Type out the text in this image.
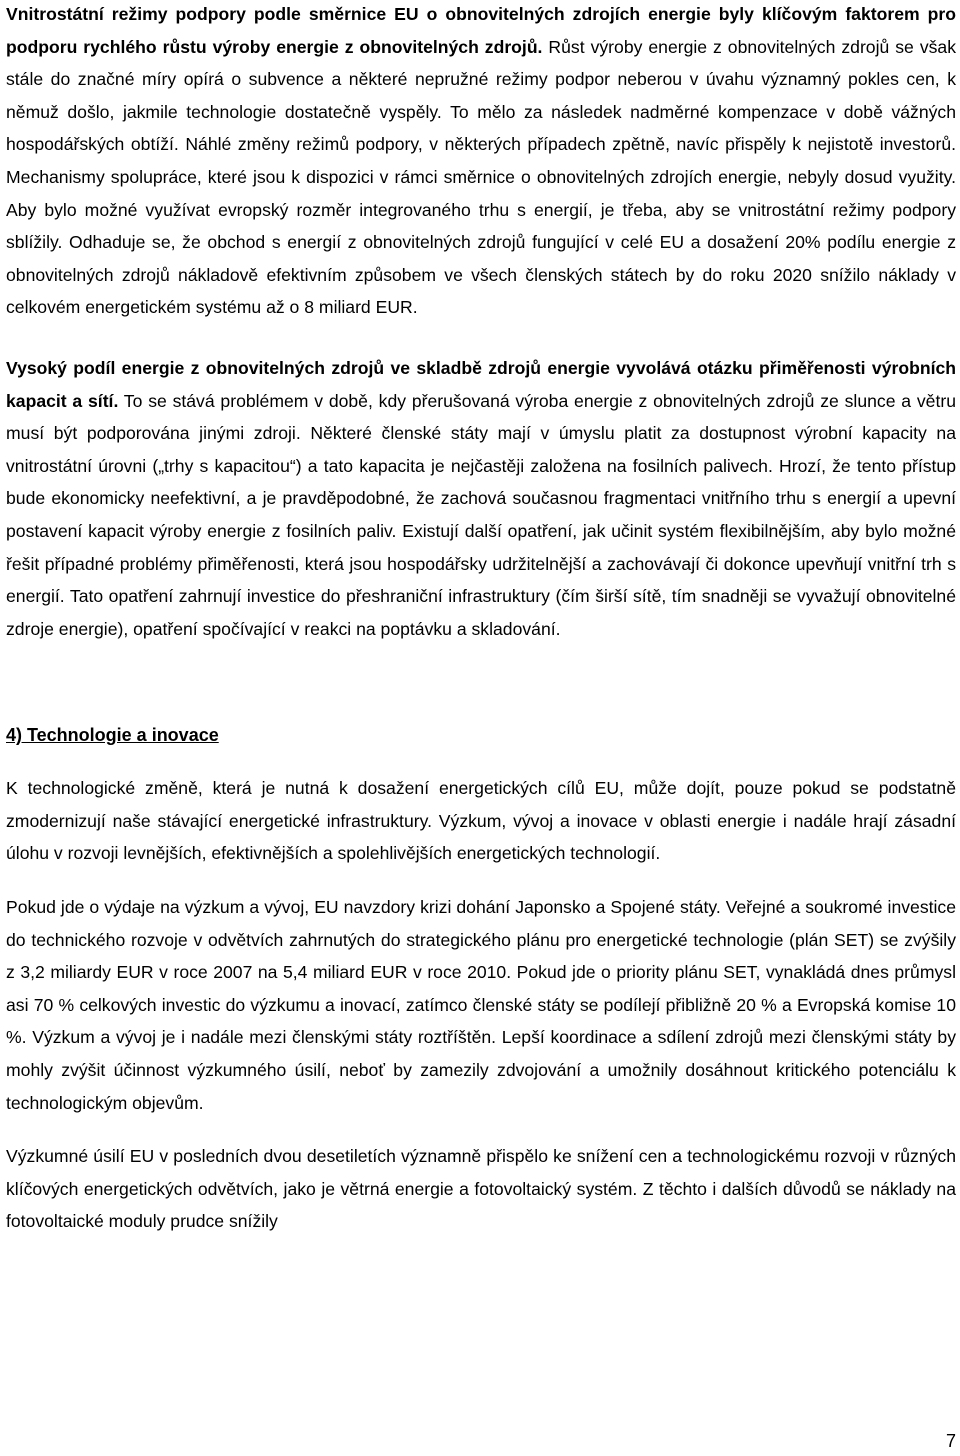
Vnitrostátní režimy podpory podle směrnice EU o obnovitelných zdrojích energie byly klíčovým faktorem pro podporu rychlého růstu výroby energie z obnovitelných zdrojů. Růst výroby energie z obnovitelných zdrojů se však stále do značné míry opírá o subvence a některé nepružné režimy podpor neberou v úvahu významný pokles cen, k němuž došlo, jakmile technologie dostatečně vyspěly. To mělo za následek nadměrné kompenzace v době vážných hospodářských obtíží. Náhlé změny režimů podpory, v některých případech zpětně, navíc přispěly k nejistotě investorů. Mechanismy spolupráce, které jsou k dispozici v rámci směrnice o obnovitelných zdrojích energie, nebyly dosud využity. Aby bylo možné využívat evropský rozměr integrovaného trhu s energií, je třeba, aby se vnitrostátní režimy podpory sblížily. Odhaduje se, že obchod s energií z obnovitelných zdrojů fungující v celé EU a dosažení 20% podílu energie z obnovitelných zdrojů nákladově efektivním způsobem ve všech členských státech by do roku 2020 snížilo náklady v celkovém energetickém systému až o 8 miliard EUR.

Vysoký podíl energie z obnovitelných zdrojů ve skladbě zdrojů energie vyvolává otázku přiměřenosti výrobních kapacit a sítí. To se stává problémem v době, kdy přerušovaná výroba energie z obnovitelných zdrojů ze slunce a větru musí být podporována jinými zdroji. Některé členské státy mají v úmyslu platit za dostupnost výrobní kapacity na vnitrostátní úrovni („trhy s kapacitou“) a tato kapacita je nejčastěji založena na fosilních palivech. Hrozí, že tento přístup bude ekonomicky neefektivní, a je pravděpodobné, že zachová současnou fragmentaci vnitřního trhu s energií a upevní postavení kapacit výroby energie z fosilních paliv. Existují další opatření, jak učinit systém flexibilnějším, aby bylo možné řešit případné problémy přiměřenosti, která jsou hospodářsky udržitelnější a zachovávají či dokonce upevňují vnitřní trh s energií. Tato opatření zahrnují investice do přeshraniční infrastruktury (čím širší sítě, tím snadněji se vyvažují obnovitelné zdroje energie), opatření spočívající v reakci na poptávku a skladování.

4) Technologie a inovace

K technologické změně, která je nutná k dosažení energetických cílů EU, může dojít, pouze pokud se podstatně zmodernizují naše stávající energetické infrastruktury. Výzkum, vývoj a inovace v oblasti energie i nadále hrají zásadní úlohu v rozvoji levnějších, efektivnějších a spolehlivějších energetických technologií.

Pokud jde o výdaje na výzkum a vývoj, EU navzdory krizi dohání Japonsko a Spojené státy. Veřejné a soukromé investice do technického rozvoje v odvětvích zahrnutých do strategického plánu pro energetické technologie (plán SET) se zvýšily z 3,2 miliardy EUR v roce 2007 na 5,4 miliard EUR v roce 2010. Pokud jde o priority plánu SET, vynakládá dnes průmysl asi 70 % celkových investic do výzkumu a inovací, zatímco členské státy se podílejí přibližně 20 % a Evropská komise 10 %. Výzkum a vývoj je i nadále mezi členskými státy roztříštěn. Lepší koordinace a sdílení zdrojů mezi členskými státy by mohly zvýšit účinnost výzkumného úsilí, neboť by zamezily zdvojování a umožnily dosáhnout kritického potenciálu k technologickým objevům.

Výzkumné úsilí EU v posledních dvou desetiletích významně přispělo ke snížení cen a technologickému rozvoji v různých klíčových energetických odvětvích, jako je větrná energie a fotovoltaický systém. Z těchto i dalších důvodů se náklady na fotovoltaické moduly prudce snížily

7
